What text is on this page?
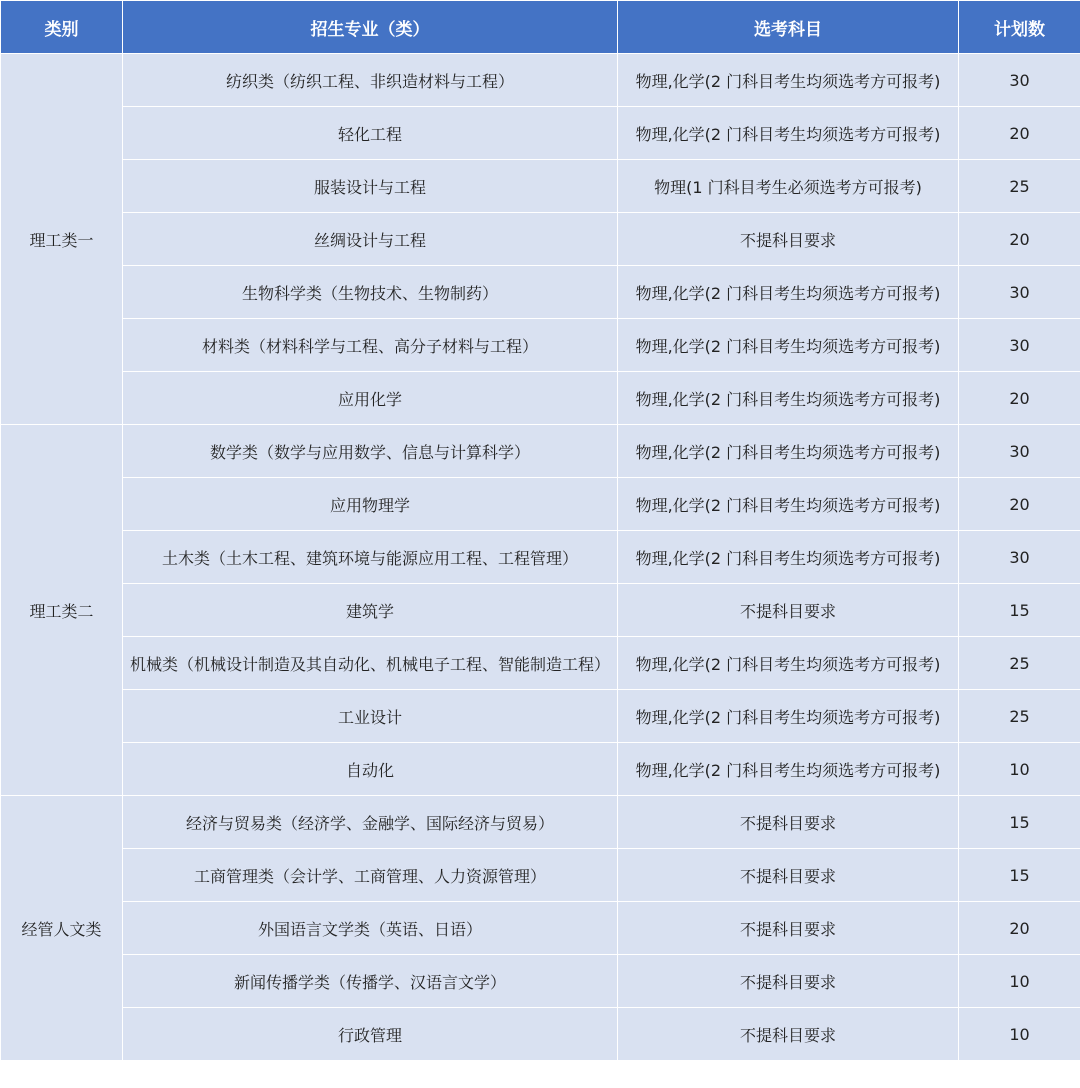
类别	招生专业（类）	选考科目	计划数
理工类一	纺织类（纺织工程、非织造材料与工程）	物理,化学(2 门科目考生均须选考方可报考)	30
	轻化工程	物理,化学(2 门科目考生均须选考方可报考)	20
	服装设计与工程	物理(1 门科目考生必须选考方可报考)	25
	丝绸设计与工程	不提科目要求	20
	生物科学类（生物技术、生物制药）	物理,化学(2 门科目考生均须选考方可报考)	30
	材料类（材料科学与工程、高分子材料与工程）	物理,化学(2 门科目考生均须选考方可报考)	30
	应用化学	物理,化学(2 门科目考生均须选考方可报考)	20
理工类二	数学类（数学与应用数学、信息与计算科学）	物理,化学(2 门科目考生均须选考方可报考)	30
	应用物理学	物理,化学(2 门科目考生均须选考方可报考)	20
	土木类（土木工程、建筑环境与能源应用工程、工程管理）	物理,化学(2 门科目考生均须选考方可报考)	30
	建筑学	不提科目要求	15
	机械类（机械设计制造及其自动化、机械电子工程、智能制造工程）	物理,化学(2 门科目考生均须选考方可报考)	25
	工业设计	物理,化学(2 门科目考生均须选考方可报考)	25
	自动化	物理,化学(2 门科目考生均须选考方可报考)	10
经管人文类	经济与贸易类（经济学、金融学、国际经济与贸易）	不提科目要求	15
	工商管理类（会计学、工商管理、人力资源管理）	不提科目要求	15
	外国语言文学类（英语、日语）	不提科目要求	20
	新闻传播学类（传播学、汉语言文学）	不提科目要求	10
	行政管理	不提科目要求	10
